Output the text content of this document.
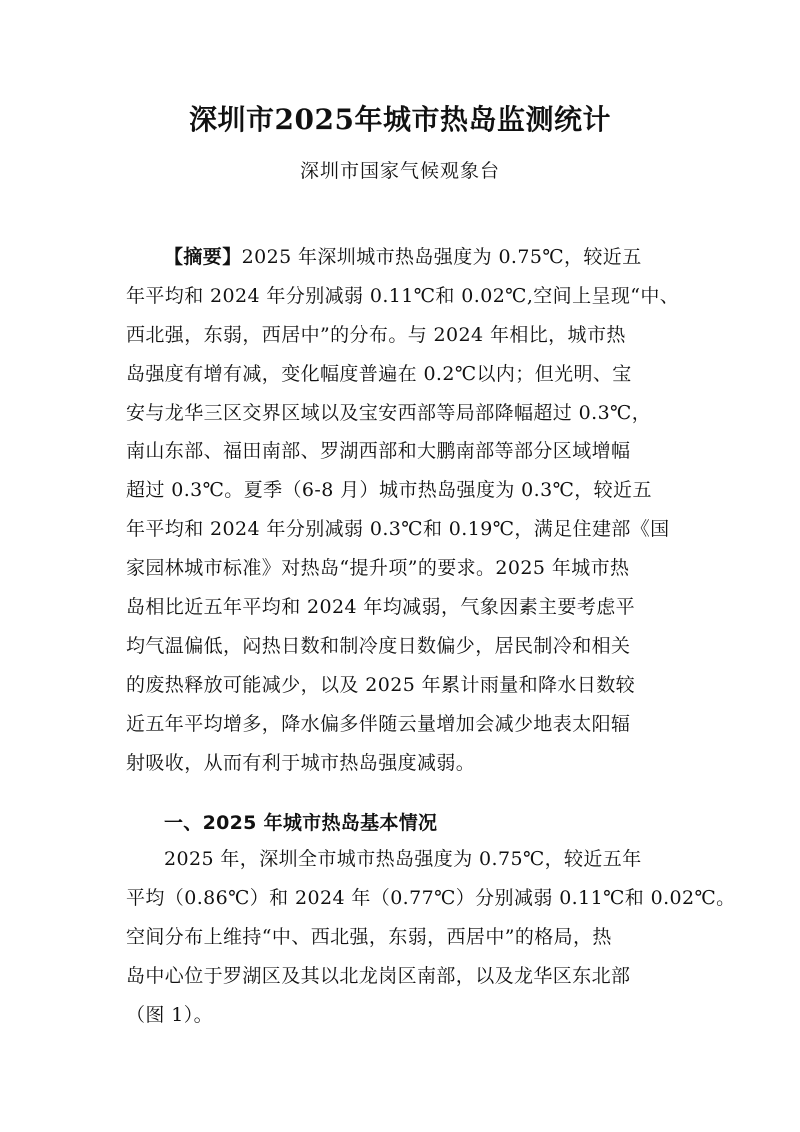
深圳市2025年城市热岛监测统计
深圳市国家气候观象台
【摘要】2025 年深圳城市热岛强度为 0.75℃，较近五
年平均和 2024 年分别减弱 0.11℃和 0.02℃,空间上呈现“中、
西北强，东弱，西居中”的分布。与 2024 年相比，城市热
岛强度有增有减，变化幅度普遍在 0.2℃以内；但光明、宝
安与龙华三区交界区域以及宝安西部等局部降幅超过 0.3℃，
南山东部、福田南部、罗湖西部和大鹏南部等部分区域增幅
超过 0.3℃。夏季（6-8 月）城市热岛强度为 0.3℃，较近五
年平均和 2024 年分别减弱 0.3℃和 0.19℃，满足住建部《国
家园林城市标准》对热岛“提升项”的要求。2025 年城市热
岛相比近五年平均和 2024 年均减弱，气象因素主要考虑平
均气温偏低，闷热日数和制冷度日数偏少，居民制冷和相关
的废热释放可能减少，以及 2025 年累计雨量和降水日数较
近五年平均增多，降水偏多伴随云量增加会减少地表太阳辐
射吸收，从而有利于城市热岛强度减弱。
一、2025 年城市热岛基本情况
2025 年，深圳全市城市热岛强度为 0.75℃，较近五年
平均（0.86℃）和 2024 年（0.77℃）分别减弱 0.11℃和 0.02℃。
空间分布上维持“中、西北强，东弱，西居中”的格局，热
岛中心位于罗湖区及其以北龙岗区南部，以及龙华区东北部
（图 1）。
